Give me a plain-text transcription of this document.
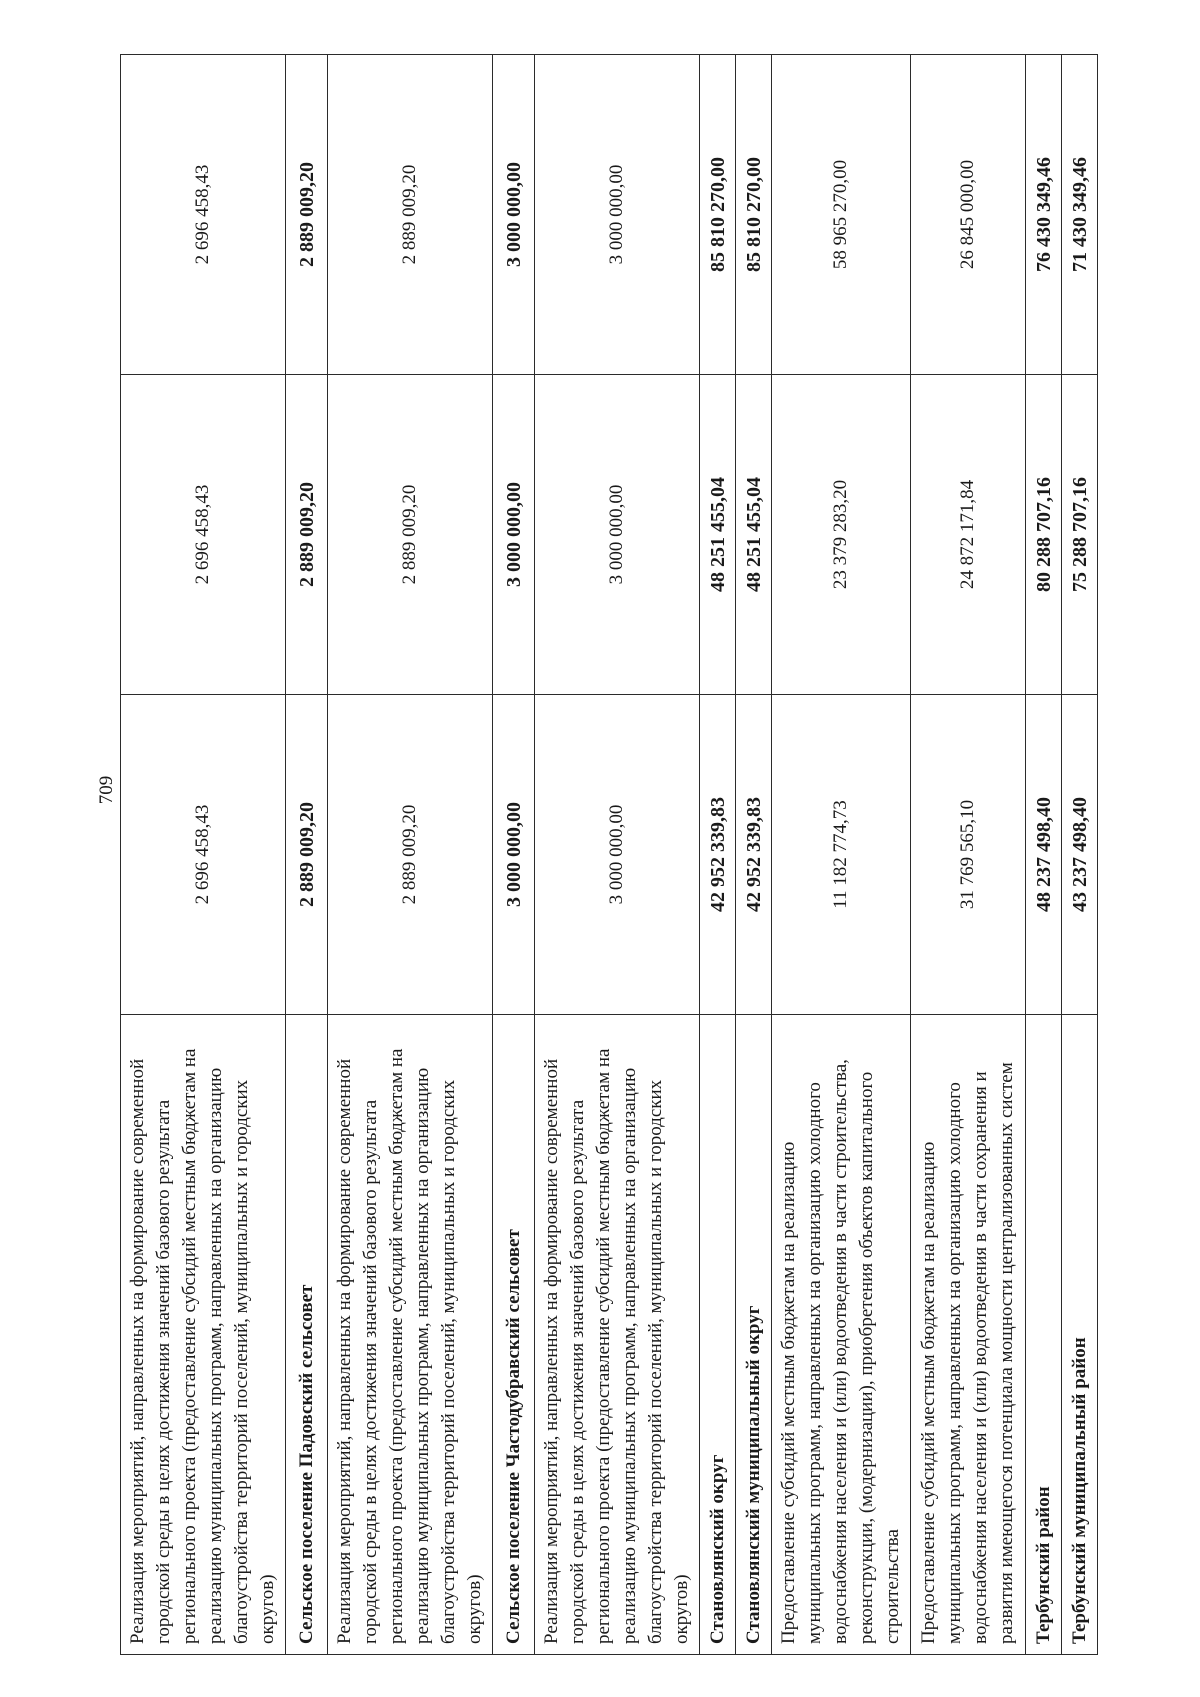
709
Реализация мероприятий, направленных на формирование современной городской среды в целях достижения значений базового результата регионального проекта (предоставление субсидий местным бюджетам на реализацию муниципальных программ, направленных на организацию благоустройства территорий поселений, муниципальных и городских округов)	2 696 458,43	2 696 458,43	2 696 458,43
Сельское поселение Падовский сельсовет	2 889 009,20	2 889 009,20	2 889 009,20
Реализация мероприятий, направленных на формирование современной городской среды в целях достижения значений базового результата регионального проекта (предоставление субсидий местным бюджетам на реализацию муниципальных программ, направленных на организацию благоустройства территорий поселений, муниципальных и городских округов)	2 889 009,20	2 889 009,20	2 889 009,20
Сельское поселение Частодубравский сельсовет	3 000 000,00	3 000 000,00	3 000 000,00
Реализация мероприятий, направленных на формирование современной городской среды в целях достижения значений базового результата регионального проекта (предоставление субсидий местным бюджетам на реализацию муниципальных программ, направленных на организацию благоустройства территорий поселений, муниципальных и городских округов)	3 000 000,00	3 000 000,00	3 000 000,00
Становлянский округ	42 952 339,83	48 251 455,04	85 810 270,00
Становлянский муниципальный округ	42 952 339,83	48 251 455,04	85 810 270,00
Предоставление субсидий местным бюджетам на реализацию муниципальных программ, направленных на организацию холодного водоснабжения населения и (или) водоотведения в части строительства, реконструкции, (модернизации), приобретения объектов капитального строительства	11 182 774,73	23 379 283,20	58 965 270,00
Предоставление субсидий местным бюджетам на реализацию муниципальных программ, направленных на организацию холодного водоснабжения населения и (или) водоотведения в части сохранения и развития имеющегося потенциала мощности централизованных систем	31 769 565,10	24 872 171,84	26 845 000,00
Тербунский район	48 237 498,40	80 288 707,16	76 430 349,46
Тербунский муниципальный район	43 237 498,40	75 288 707,16	71 430 349,46
